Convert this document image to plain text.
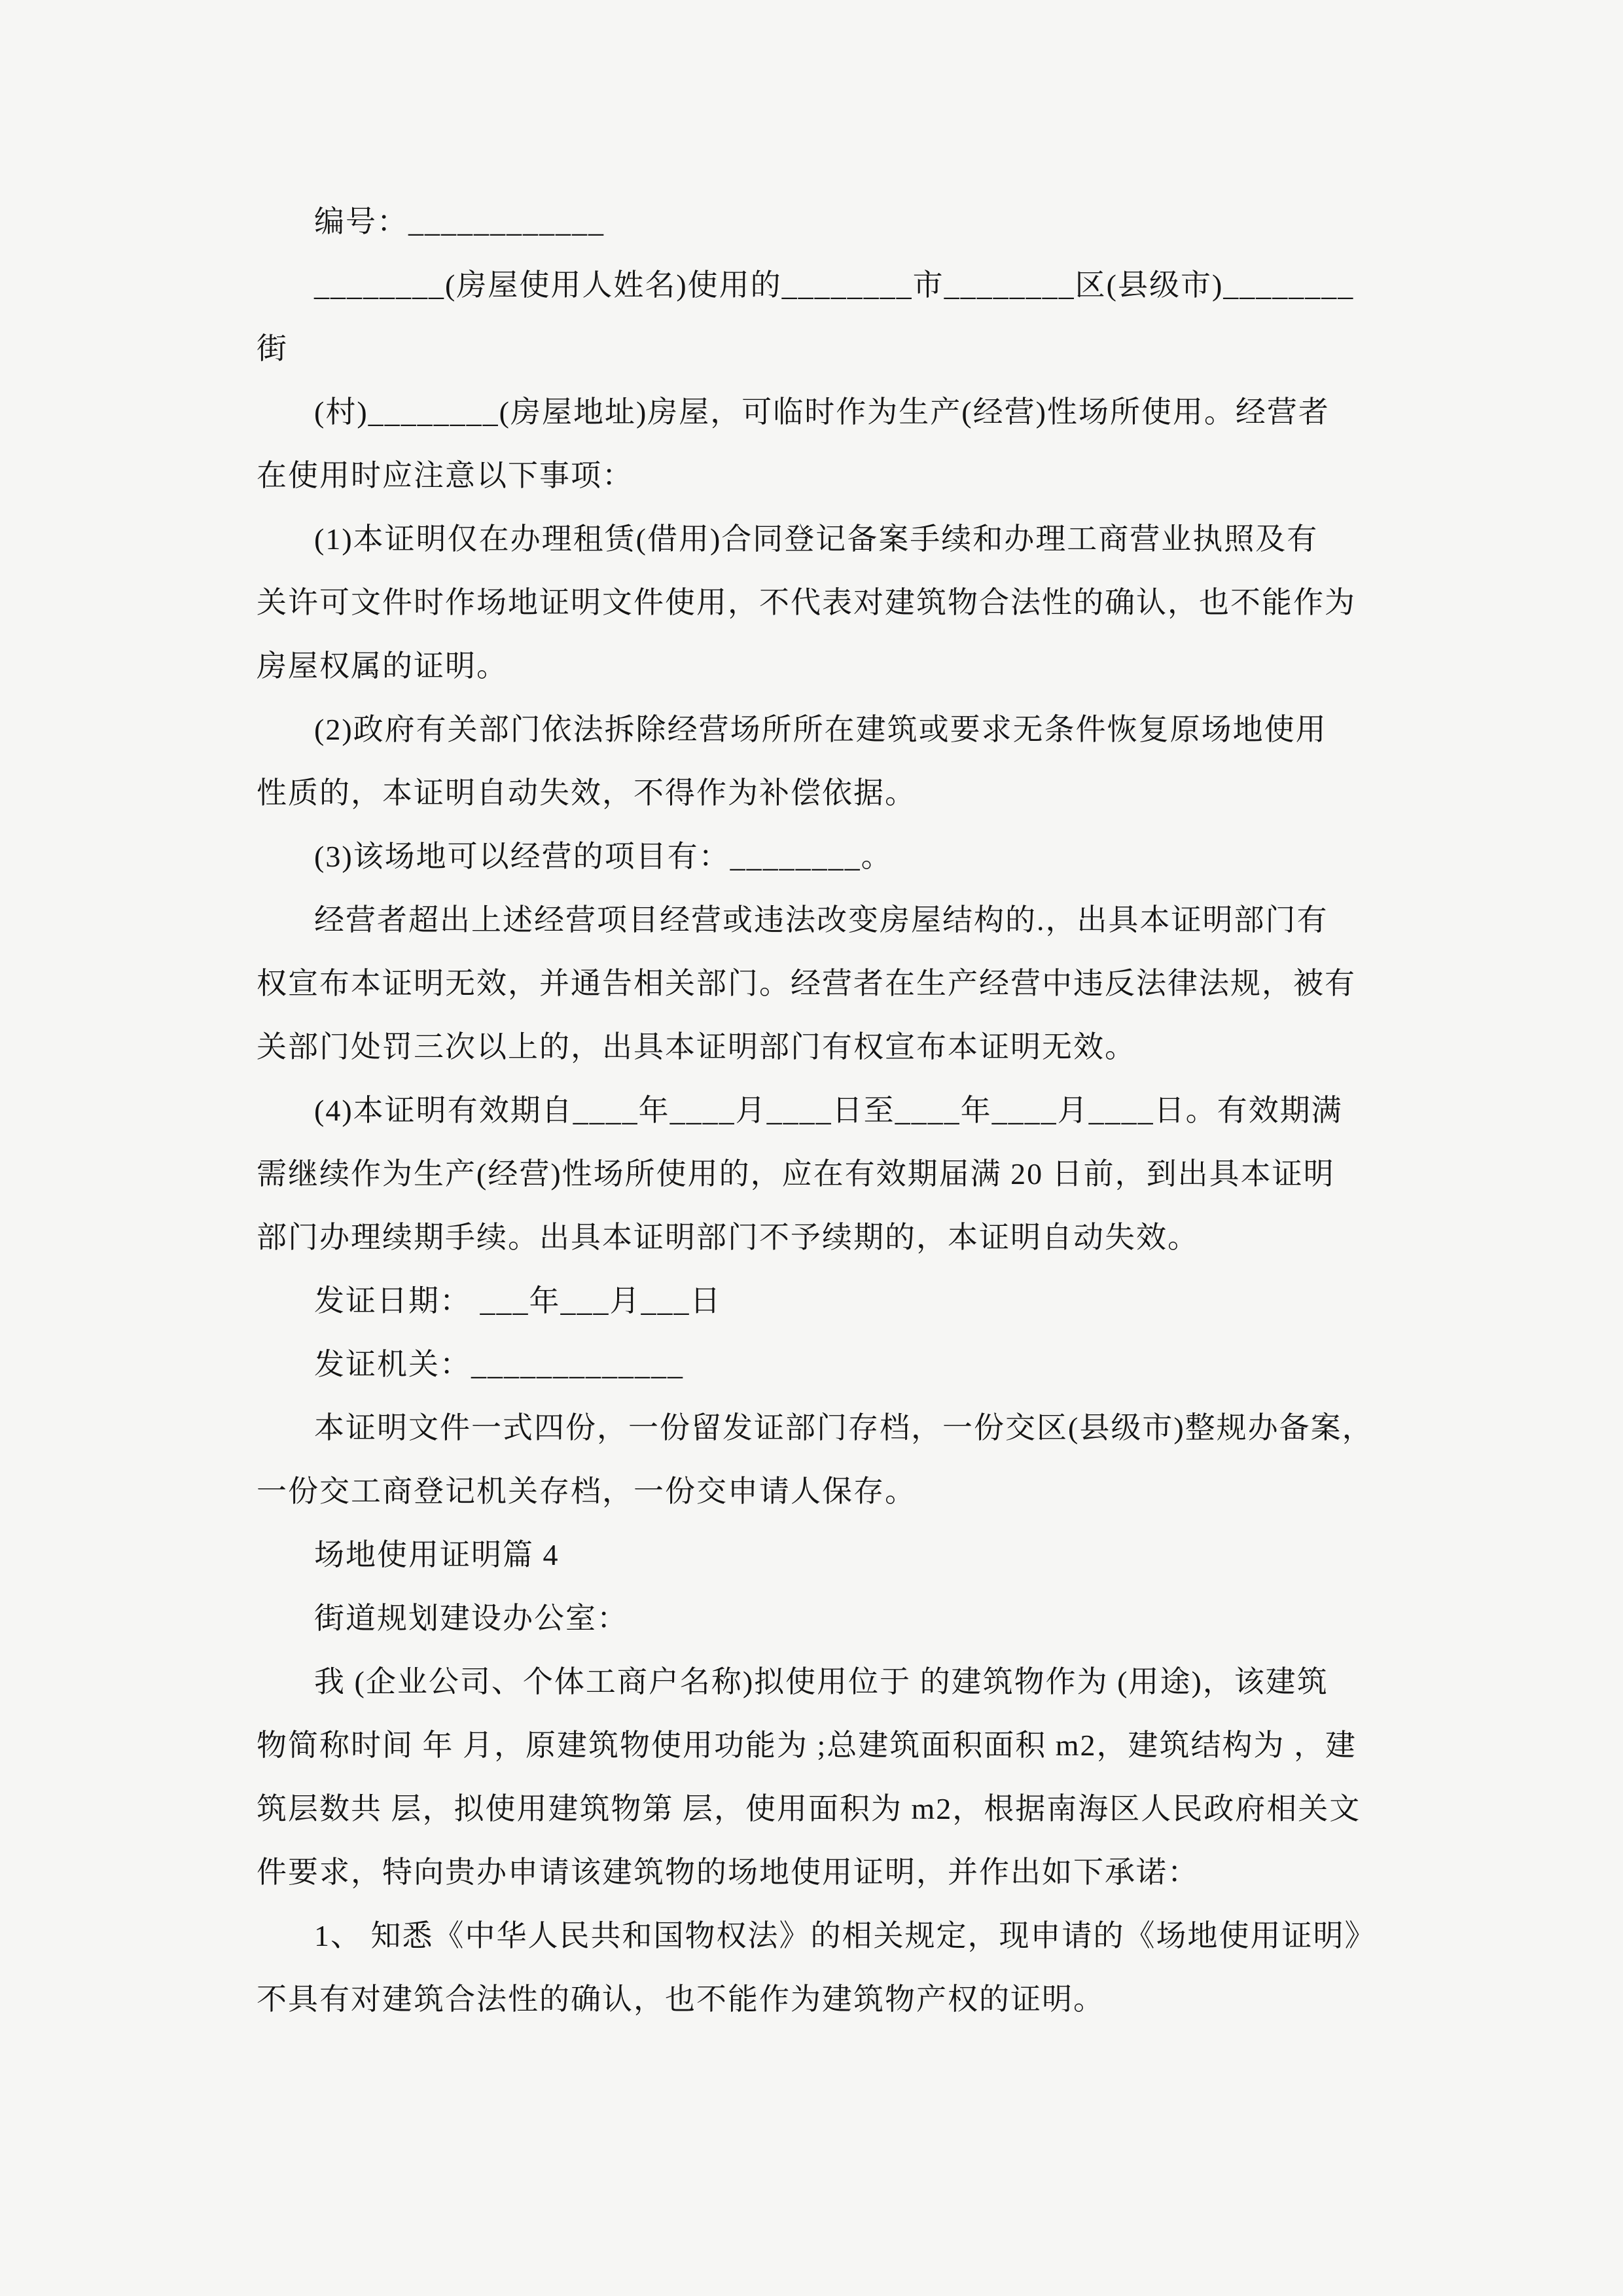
编号：____________
________(房屋使用人姓名)使用的________市________区(县级市)________
街
(村)________(房屋地址)房屋，可临时作为生产(经营)性场所使用。经营者
在使用时应注意以下事项：
(1)本证明仅在办理租赁(借用)合同登记备案手续和办理工商营业执照及有
关许可文件时作场地证明文件使用，不代表对建筑物合法性的确认，也不能作为
房屋权属的证明。
(2)政府有关部门依法拆除经营场所所在建筑或要求无条件恢复原场地使用
性质的，本证明自动失效，不得作为补偿依据。
(3)该场地可以经营的项目有：________。
经营者超出上述经营项目经营或违法改变房屋结构的.，出具本证明部门有
权宣布本证明无效，并通告相关部门。经营者在生产经营中违反法律法规，被有
关部门处罚三次以上的，出具本证明部门有权宣布本证明无效。
(4)本证明有效期自____年____月____日至____年____月____日。有效期满
需继续作为生产(经营)性场所使用的，应在有效期届满 20 日前，到出具本证明
部门办理续期手续。出具本证明部门不予续期的，本证明自动失效。
发证日期： ___年___月___日
发证机关：_____________
本证明文件一式四份，一份留发证部门存档，一份交区(县级市)整规办备案，
一份交工商登记机关存档，一份交申请人保存。
场地使用证明篇 4
街道规划建设办公室：
我 (企业公司、个体工商户名称)拟使用位于 的建筑物作为 (用途)，该建筑
物简称时间 年 月，原建筑物使用功能为 ;总建筑面积面积 m2，建筑结构为 ，建
筑层数共 层，拟使用建筑物第 层，使用面积为 m2，根据南海区人民政府相关文
件要求，特向贵办申请该建筑物的场地使用证明，并作出如下承诺：
1、 知悉《中华人民共和国物权法》的相关规定，现申请的《场地使用证明》
不具有对建筑合法性的确认，也不能作为建筑物产权的证明。
